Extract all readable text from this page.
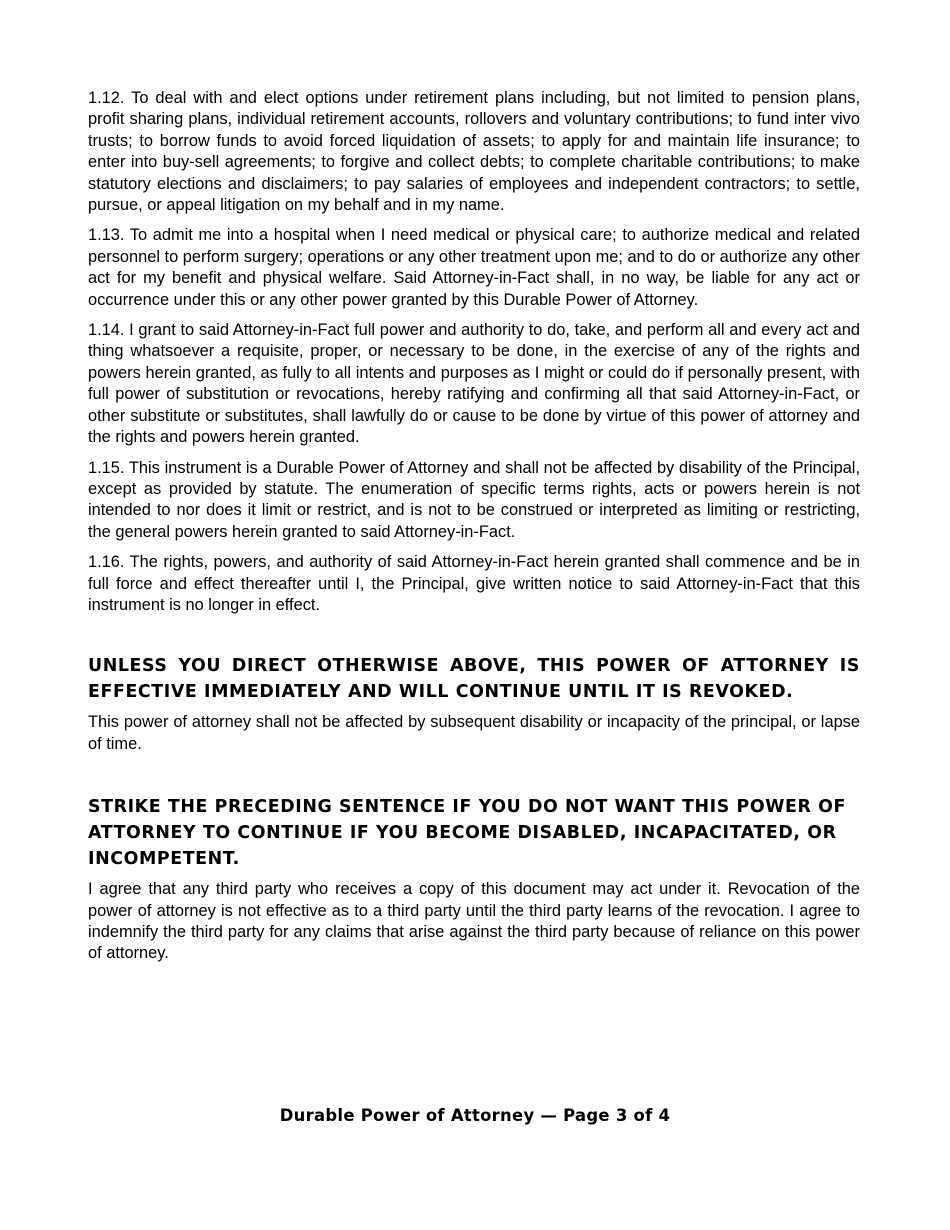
1.12. To deal with and elect options under retirement plans including, but not limited to pension plans, profit sharing plans, individual retirement accounts, rollovers and voluntary contributions; to fund inter vivo trusts; to borrow funds to avoid forced liquidation of assets; to apply for and maintain life insurance; to enter into buy-sell agreements; to forgive and collect debts; to complete charitable contributions; to make statutory elections and disclaimers; to pay salaries of employees and independent contractors; to settle, pursue, or appeal litigation on my behalf and in my name.

1.13. To admit me into a hospital when I need medical or physical care; to authorize medical and related personnel to perform surgery; operations or any other treatment upon me; and to do or authorize any other act for my benefit and physical welfare. Said Attorney-in-Fact shall, in no way, be liable for any act or occurrence under this or any other power granted by this Durable Power of Attorney.

1.14. I grant to said Attorney-in-Fact full power and authority to do, take, and perform all and every act and thing whatsoever a requisite, proper, or necessary to be done, in the exercise of any of the rights and powers herein granted, as fully to all intents and purposes as I might or could do if personally present, with full power of substitution or revocations, hereby ratifying and confirming all that said Attorney-in-Fact, or other substitute or substitutes, shall lawfully do or cause to be done by virtue of this power of attorney and the rights and powers herein granted.

1.15. This instrument is a Durable Power of Attorney and shall not be affected by disability of the Principal, except as provided by statute. The enumeration of specific terms rights, acts or powers herein is not intended to nor does it limit or restrict, and is not to be construed or interpreted as limiting or restricting, the general powers herein granted to said Attorney-in-Fact.

1.16. The rights, powers, and authority of said Attorney-in-Fact herein granted shall commence and be in full force and effect thereafter until I, the Principal, give written notice to said Attorney-in-Fact that this instrument is no longer in effect.

UNLESS YOU DIRECT OTHERWISE ABOVE, THIS POWER OF ATTORNEY IS EFFECTIVE IMMEDIATELY AND WILL CONTINUE UNTIL IT IS REVOKED.

This power of attorney shall not be affected by subsequent disability or incapacity of the principal, or lapse of time.

STRIKE THE PRECEDING SENTENCE IF YOU DO NOT WANT THIS POWER OF ATTORNEY TO CONTINUE IF YOU BECOME DISABLED, INCAPACITATED, OR INCOMPETENT.

I agree that any third party who receives a copy of this document may act under it. Revocation of the power of attorney is not effective as to a third party until the third party learns of the revocation. I agree to indemnify the third party for any claims that arise against the third party because of reliance on this power of attorney.

Durable Power of Attorney — Page 3 of 4
